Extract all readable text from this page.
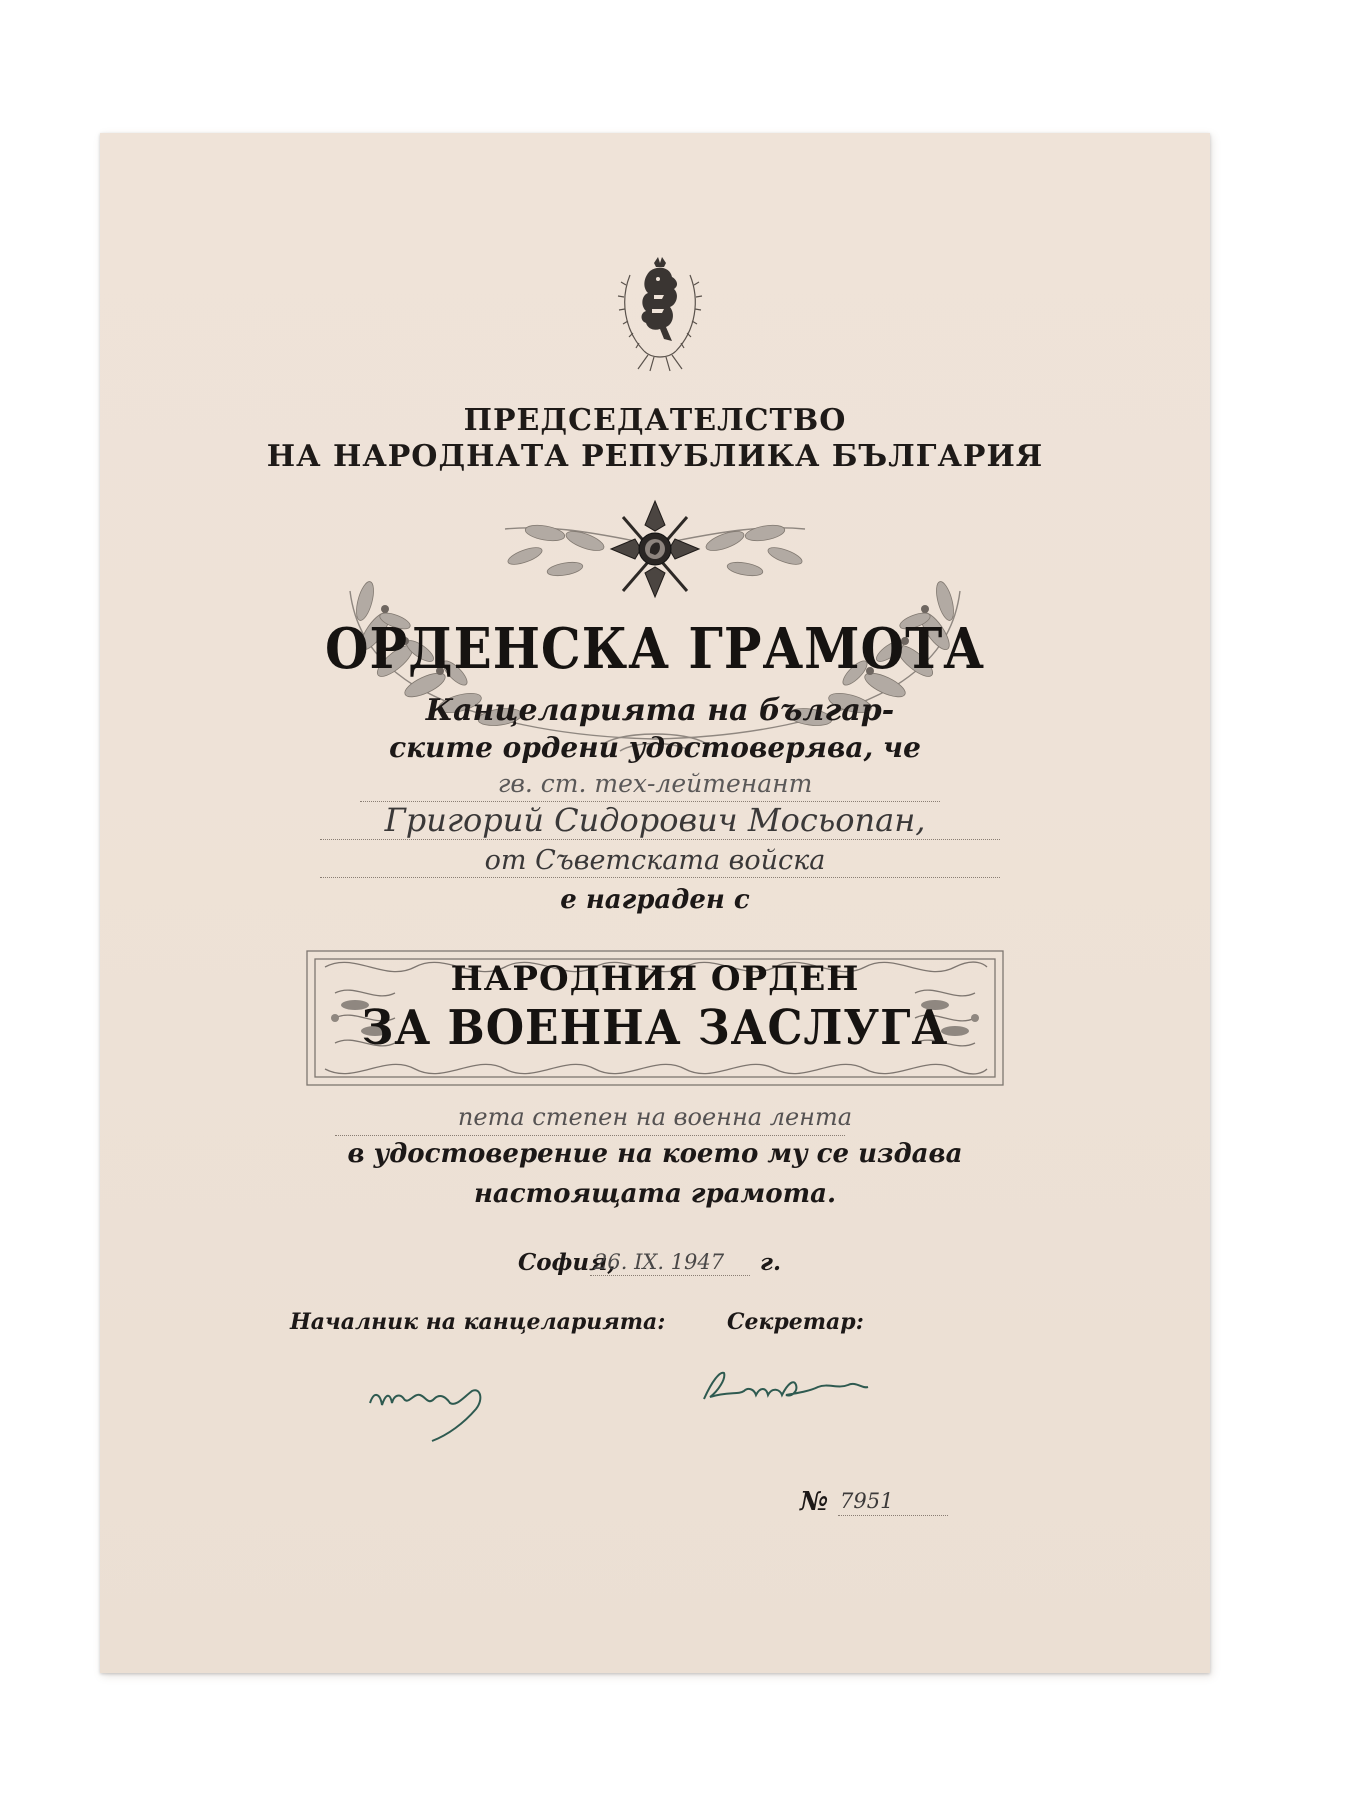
ПРЕДСЕДАТЕЛСТВО
НА НАРОДНАТА РЕПУБЛИКА БЪЛГАРИЯ
ОРДЕНСКА ГРАМОТА
Канцеларията на българ-
ските ордени удостоверява, че
гв. ст. тех-лейтенант
Григорий Сидорович Мосьопан,
от Съветската войска
е награден с
НАРОДНИЯ ОРДЕН
ЗА ВОЕННА ЗАСЛУГА
пета степен на военна лента
в удостоверение на което му се издава
настоящата грамота.
София,
26. IX. 1947 г.
Началник на канцеларията:	Секретар:
№ 7951
